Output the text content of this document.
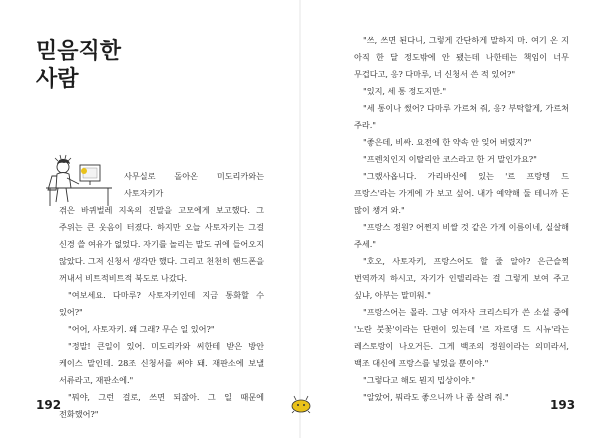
믿음직한
사람

사무실로 돌아온 미도리카와는 사토자키가

겪은 바퀴벌레 지옥의 진말을 고모에게 보고했다. 그 주위는 큰 웃음이 터졌다. 하지만 오늘 사토자키는 그걸 신경 쓸 여유가 없었다. 자기를 놀리는 말도 귀에 들어오지 않았다. 그저 신청서 생각만 했다. 그리고 천천히 핸드폰을 꺼내서 비트적비트적 북도로 나갔다.

"여보세요. 다마루? 사토자키인데 지금 통화할 수 있어?"

"어어, 사토자키. 왜 그래? 무슨 일 있어?"

"정말! 큰일이 있어. 미도리카와 씨한테 받은 방안 케이스 말인데. 28조 신청서를 써야 돼. 재판소에 보낼 서류라고, 재판소에."

"뭐야, 그런 걸로, 쓰면 되잖아. 그 일 때문에 전화했어?"

192

"쓰, 쓰면 된다니, 그렇게 간단하게 말하지 마. 여기 온 지 아직 한 달 정도밖에 안 됐는데 나한테는 책임이 너무 무겁다고, 응? 다마루, 너 신청서 쓴 적 있어?"

"있지, 세 통 정도지만."

"세 통이나 썼어? 다마루 가르쳐 줘, 응? 부탁할게, 가르쳐 주라."

"좋은데, 비싸. 요전에 한 약속 안 잊어 버렸지?"

"프렌치인지 이탈리안 코스라고 한 거 말인가요?"

"그랬사옵니다. 가리바신에 있는 '르 프랑텡 드 프랑스'라는 가게에 가 보고 싶어. 내가 예약해 둘 테니까 돈 많이 챙겨 와."

"프랑스 정원? 어쩐지 비쌀 것 같은 가게 이름이네, 실살해 주세."

"호오, 사토자키, 프랑스어도 할 줄 알아? 은근슬쩍 번역까지 하시고, 자기가 인텔리라는 걸 그렇게 보여 주고 싶냐, 아부는 말미워."

"프랑스어는 몰라. 그냥 여자사 크리스티가 쓴 소설 중에 '노란 붓꽃'이라는 단편이 있는데 '르 자르댕 드 시뉴'라는 레스토랑이 나오거든. 그게 백조의 정원이라는 의미라서, 백조 대신에 프랑스를 넣었을 뿐이야."

"그렇다고 해도 뭔지 밉상이야."

"알았어, 뭐라도 좋으니까 나 좀 살려 줘."

193
